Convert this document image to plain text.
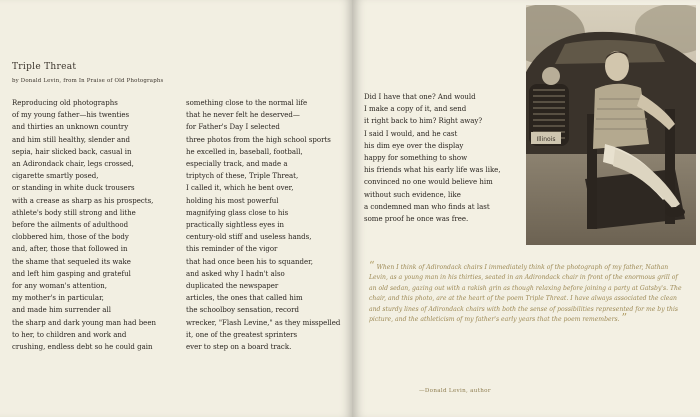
Triple Threat
by Donald Levin, from In Praise of Old Photographs
Reproducing old photographs
of my young father—his twenties
and thirties an unknown country
and him still healthy, slender and
sepia, hair slicked back, casual in
an Adirondack chair, legs crossed,
cigarette smartly posed,
or standing in white duck trousers
with a crease as sharp as his prospects,
athlete's body still strong and lithe
before the ailments of adulthood
clobbered him, those of the body
and, after, those that followed in
the shame that sequeled its wake
and left him gasping and grateful
for any woman's attention,
my mother's in particular,
and made him surrender all
the sharp and dark young man had been
to her, to children and work and
crushing, endless debt so he could gain
something close to the normal life
that he never felt he deserved—
for Father's Day I selected
three photos from the high school sports
he excelled in, baseball, football,
especially track, and made a
triptych of these, Triple Threat,
I called it, which he bent over,
holding his most powerful
magnifying glass close to his
practically sightless eyes in
century-old stiff and useless hands,
this reminder of the vigor
that had once been his to squander,
and asked why I hadn't also
duplicated the newspaper
articles, the ones that called him
the schoolboy sensation, record
wrecker, "Flash Levine," as they misspelled
it, one of the greatest sprinters
ever to step on a board track.
Did I have that one? And would
I make a copy of it, and send
it right back to him? Right away?
I said I would, and he cast
his dim eye over the display
happy for something to show
his friends what his early life was like,
convinced no one would believe him
without such evidence, like
a condemned man who finds at last
some proof he once was free.
Illinois
“ When I think of Adirondack chairs I immediately think of the photograph of my father, Nathan Levin, as a young man in his thirties, seated in an Adirondack chair in front of the enormous grill of an old sedan, gazing out with a rakish grin as though relaxing before joining a party at Gatsby's. The chair, and this photo, are at the heart of the poem Triple Threat. I have always associated the clean and sturdy lines of Adirondack chairs with both the sense of possibilities represented for me by this picture, and the athleticism of my father's early years that the poem remembers. ”
—Donald Levin, author
